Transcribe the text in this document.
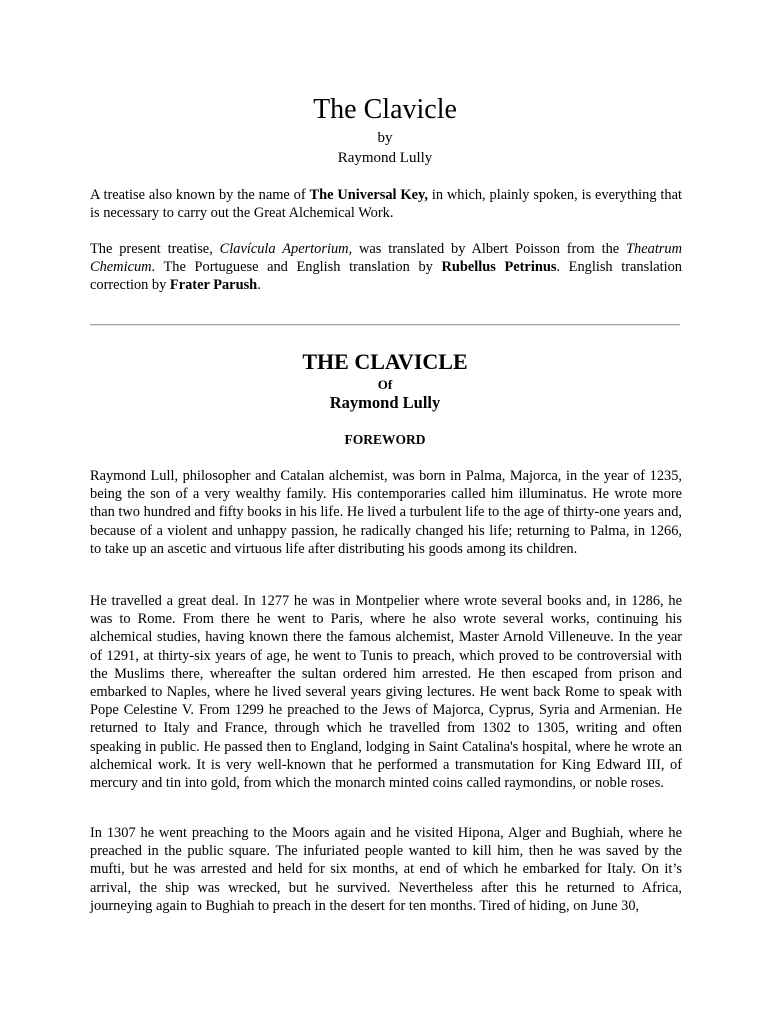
The Clavicle
by
Raymond Lully

A treatise also known by the name of The Universal Key, in which, plainly spoken, is everything that is necessary to carry out the Great Alchemical Work.

The present treatise, Clavícula Apertorium, was translated by Albert Poisson from the Theatrum Chemicum. The Portuguese and English translation by Rubellus Petrinus. English translation correction by Frater Parush.

THE CLAVICLE
Of
Raymond Lully
FOREWORD

Raymond Lull, philosopher and Catalan alchemist, was born in Palma, Majorca, in the year of 1235, being the son of a very wealthy family. His contemporaries called him illuminatus. He wrote more than two hundred and fifty books in his life. He lived a turbulent life to the age of thirty-one years and, because of a violent and unhappy passion, he radically changed his life; returning to Palma, in 1266, to take up an ascetic and virtuous life after distributing his goods among its children.

He travelled a great deal. In 1277 he was in Montpelier where wrote several books and, in 1286, he was to Rome. From there he went to Paris, where he also wrote several works, continuing his alchemical studies, having known there the famous alchemist, Master Arnold Villeneuve. In the year of 1291, at thirty-six years of age, he went to Tunis to preach, which proved to be controversial with the Muslims there, whereafter the sultan ordered him arrested. He then escaped from prison and embarked to Naples, where he lived several years giving lectures. He went back Rome to speak with Pope Celestine V. From 1299 he preached to the Jews of Majorca, Cyprus, Syria and Armenian. He returned to Italy and France, through which he travelled from 1302 to 1305, writing and often speaking in public. He passed then to England, lodging in Saint Catalina's hospital, where he wrote an alchemical work. It is very well-known that he performed a transmutation for King Edward III, of mercury and tin into gold, from which the monarch minted coins called raymondins, or noble roses.

In 1307 he went preaching to the Moors again and he visited Hipona, Alger and Bughiah, where he preached in the public square. The infuriated people wanted to kill him, then he was saved by the mufti, but he was arrested and held for six months, at end of which he embarked for Italy. On it’s arrival, the ship was wrecked, but he survived. Nevertheless after this he returned to Africa, journeying again to Bughiah to preach in the desert for ten months. Tired of hiding, on June 30,
